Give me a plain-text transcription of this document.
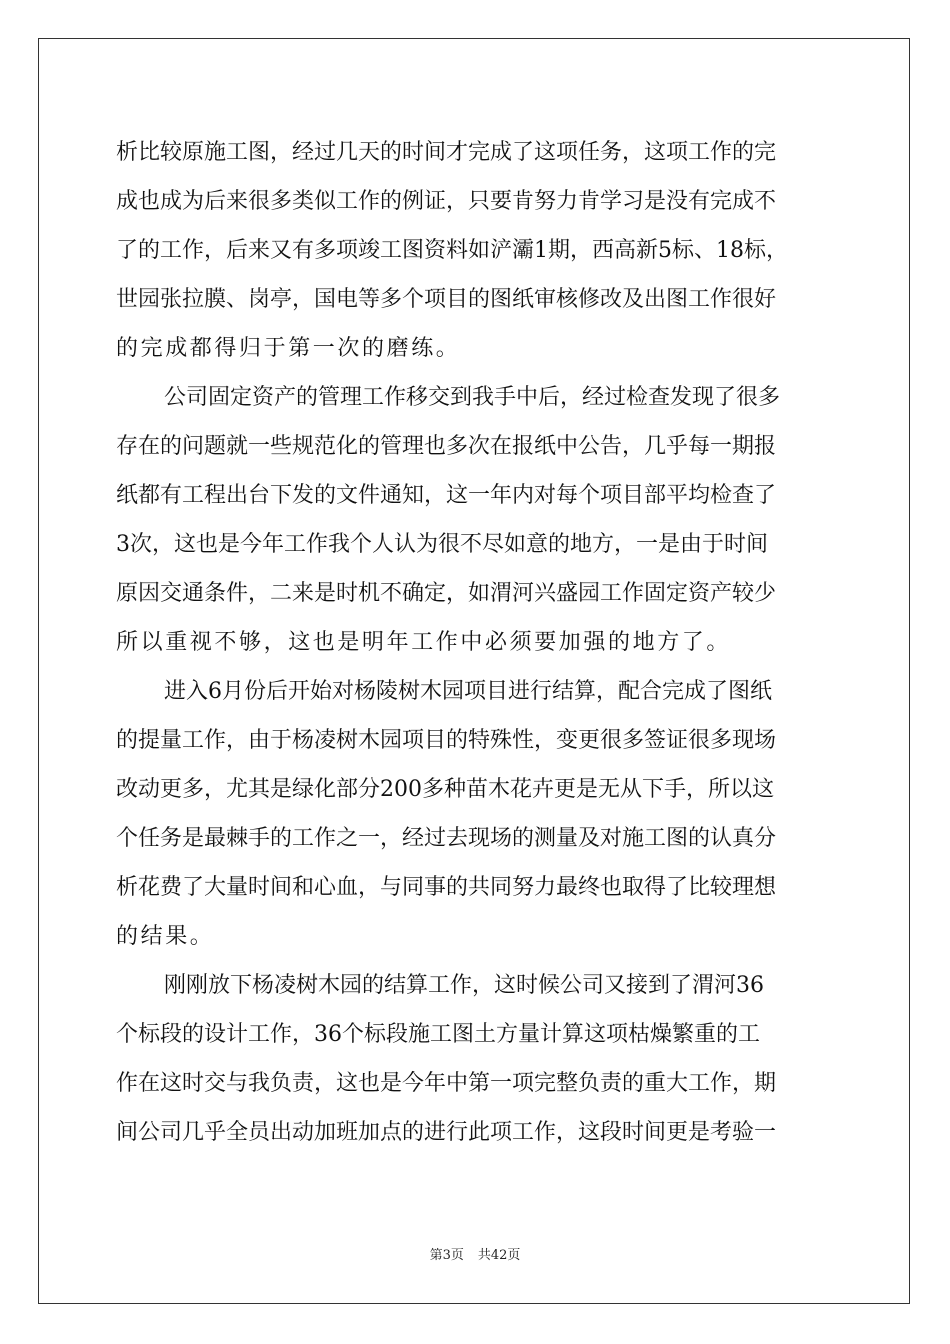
析比较原施工图，经过几天的时间才完成了这项任务，这项工作的完
成也成为后来很多类似工作的例证，只要肯努力肯学习是没有完成不
了的工作，后来又有多项竣工图资料如浐灞1期，西高新5标、18标，
世园张拉膜、岗亭，国电等多个项目的图纸审核修改及出图工作很好
的完成都得归于第一次的磨练。
公司固定资产的管理工作移交到我手中后，经过检查发现了很多
存在的问题就一些规范化的管理也多次在报纸中公告，几乎每一期报
纸都有工程出台下发的文件通知，这一年内对每个项目部平均检查了
3次，这也是今年工作我个人认为很不尽如意的地方，一是由于时间
原因交通条件，二来是时机不确定，如渭河兴盛园工作固定资产较少
所以重视不够，这也是明年工作中必须要加强的地方了。
进入6月份后开始对杨陵树木园项目进行结算，配合完成了图纸
的提量工作，由于杨凌树木园项目的特殊性，变更很多签证很多现场
改动更多，尤其是绿化部分200多种苗木花卉更是无从下手，所以这
个任务是最棘手的工作之一，经过去现场的测量及对施工图的认真分
析花费了大量时间和心血，与同事的共同努力最终也取得了比较理想
的结果。
刚刚放下杨凌树木园的结算工作，这时候公司又接到了渭河36
个标段的设计工作，36个标段施工图土方量计算这项枯燥繁重的工
作在这时交与我负责，这也是今年中第一项完整负责的重大工作，期
间公司几乎全员出动加班加点的进行此项工作，这段时间更是考验一
第3页 共42页
